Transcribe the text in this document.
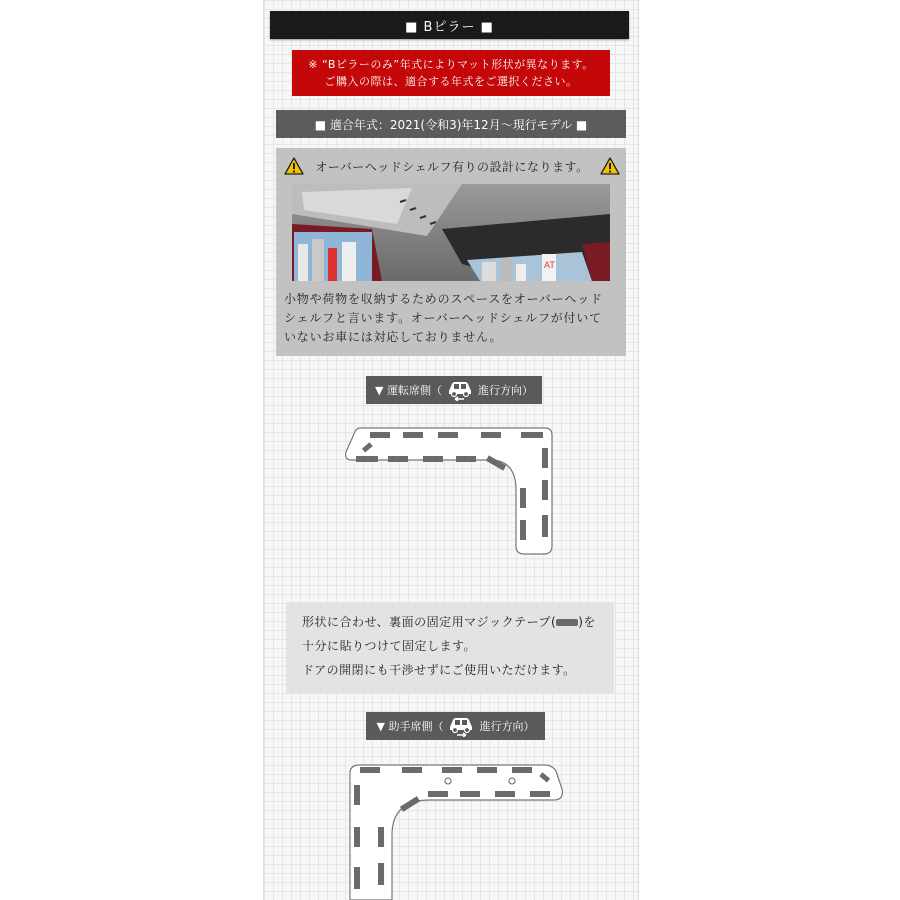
■ Bピラー ■
※ “Bピラーのみ”年式によりマット形状が異なります。
ご購入の際は、適合する年式をご選択ください。
■ 適合年式：2021(令和3)年12月～現行モデル ■
オーバーヘッドシェルフ有りの設計になります。
AT
小物や荷物を収納するためのスペースをオーバーヘッド
シェルフと言います。オーバーヘッドシェルフが付いて
いないお車には対応しておりません。
▼ 運転席側（	進行方向）
形状に合わせ、裏面の固定用マジックテープ( )を
十分に貼りつけて固定します。
ドアの開閉にも干渉せずにご使用いただけます。
▼ 助手席側（	進行方向）
